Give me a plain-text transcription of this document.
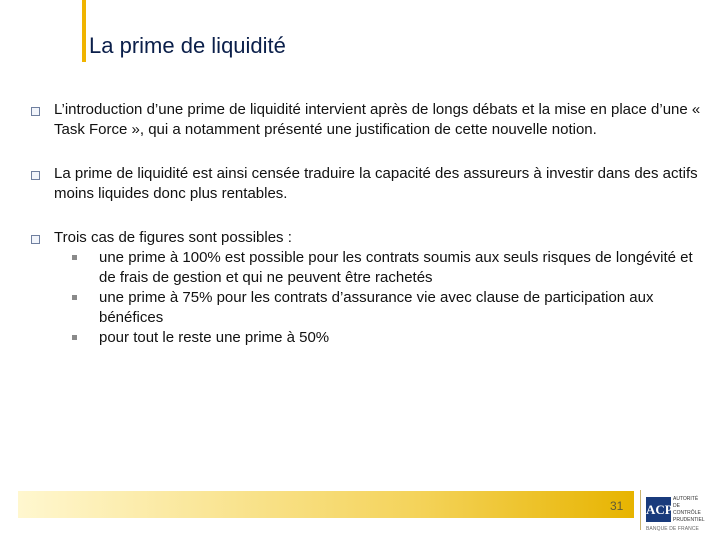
La prime de liquidité
L’introduction d’une prime de liquidité intervient après de longs débats et la mise en place d’une « Task Force », qui a notamment présenté une justification de cette nouvelle notion.
La prime de liquidité est ainsi censée traduire la capacité des assureurs à investir dans des actifs moins liquides donc plus rentables.
Trois cas de figures sont possibles :
une prime à 100% est possible pour les contrats soumis aux seuls risques de longévité et de frais de gestion et qui ne peuvent être rachetés
une prime à 75% pour les contrats d’assurance vie avec clause de participation aux bénéfices
pour tout le reste une prime à 50%
31 ACP
AUTORITÉ
DE CONTRÔLE
PRUDENTIEL
BANQUE DE FRANCE
